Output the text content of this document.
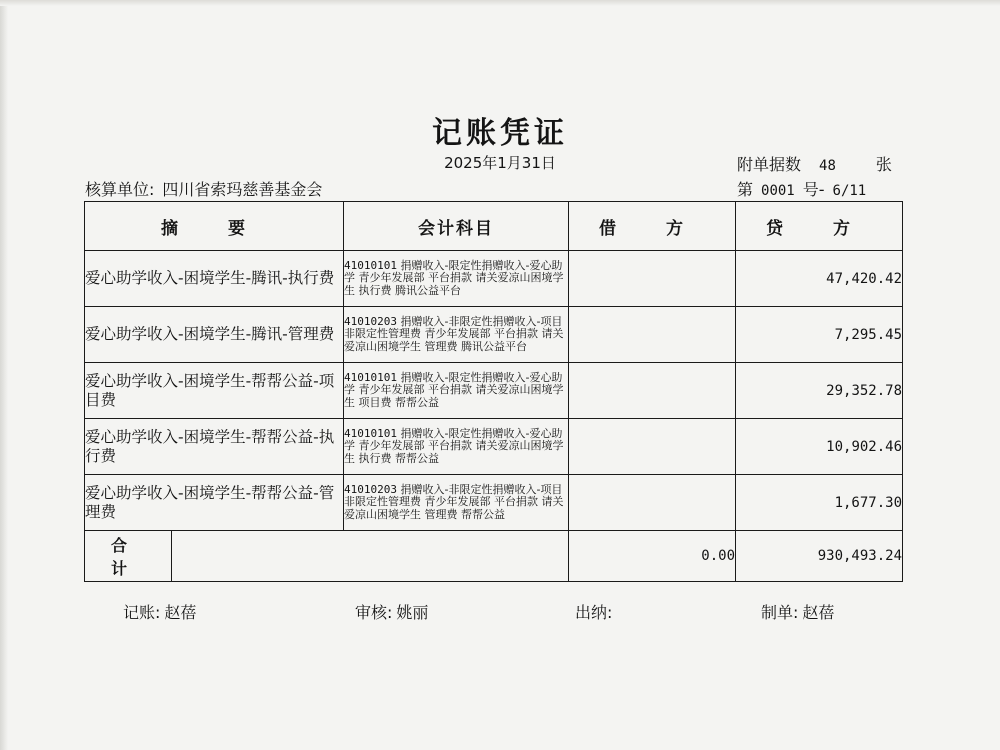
记账凭证
2025年1月31日	附单据数 48	张
核算单位: 四川省索玛慈善基金会	第 0001 号- 6/11
摘 要		会计科目	借 方	贷 方
爱心助学收入-困境学生-腾讯-执行费		41010101 捐赠收入-限定性捐赠收入-爱心助学 青少年发展部 平台捐款 请关爱凉山困境学生 执行费 腾讯公益平台		47,420.42
爱心助学收入-困境学生-腾讯-管理费		41010203 捐赠收入-非限定性捐赠收入-项目非限定性管理费 青少年发展部 平台捐款 请关爱凉山困境学生 管理费 腾讯公益平台		7,295.45
爱心助学收入-困境学生-帮帮公益-项目费		41010101 捐赠收入-限定性捐赠收入-爱心助学 青少年发展部 平台捐款 请关爱凉山困境学生 项目费 帮帮公益		29,352.78
爱心助学收入-困境学生-帮帮公益-执行费		41010101 捐赠收入-限定性捐赠收入-爱心助学 青少年发展部 平台捐款 请关爱凉山困境学生 执行费 帮帮公益		10,902.46
爱心助学收入-困境学生-帮帮公益-管理费		41010203 捐赠收入-非限定性捐赠收入-项目非限定性管理费 青少年发展部 平台捐款 请关爱凉山困境学生 管理费 帮帮公益		1,677.30
合 计			0.00	930,493.24
记账: 赵蓓	审核: 姚丽	出纳:	制单: 赵蓓
